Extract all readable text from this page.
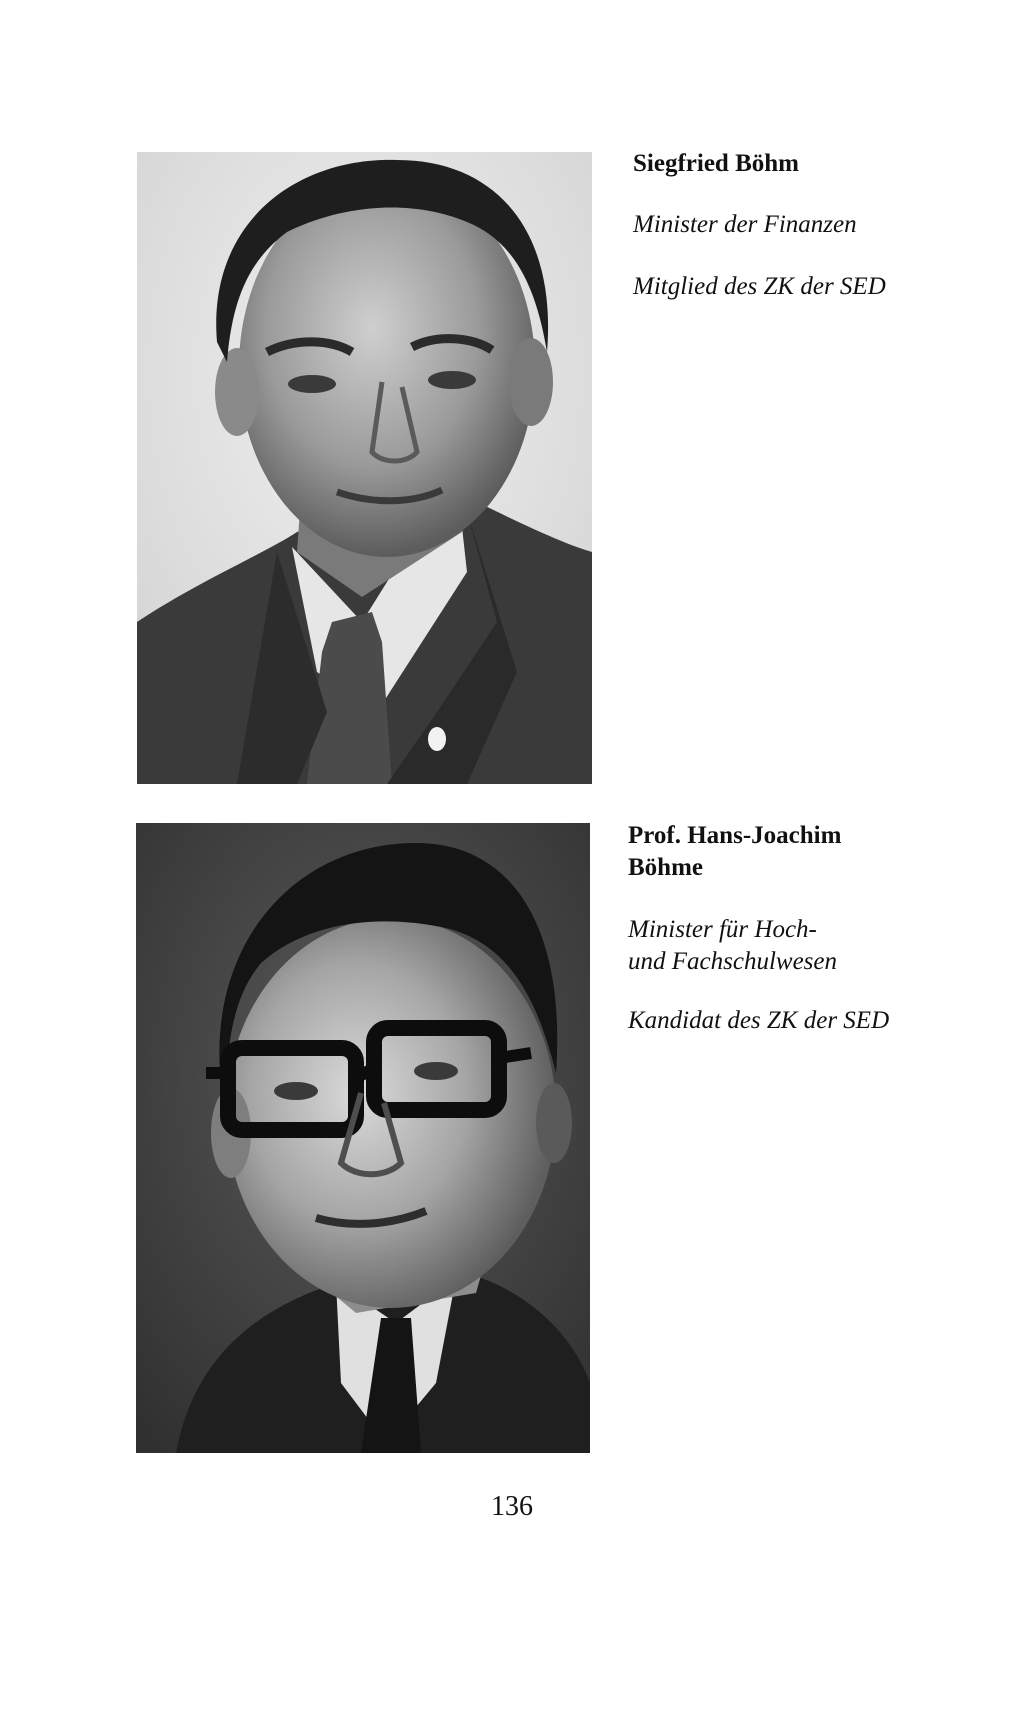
Siegfried Böhm

Minister der Finanzen

Mitglied des ZK der SED

Prof. Hans-Joachim Böhme

Minister für Hoch- und Fachschulwesen

Kandidat des ZK der SED

136
